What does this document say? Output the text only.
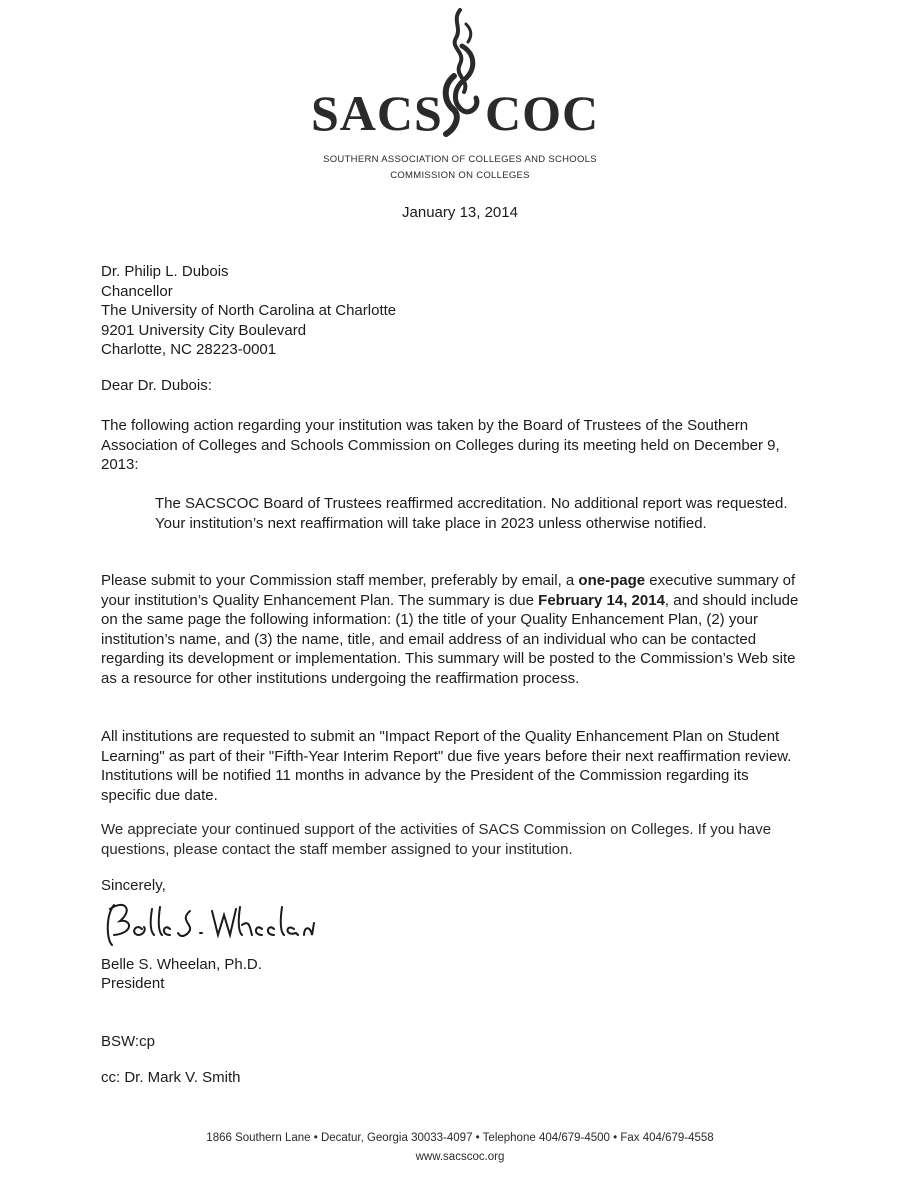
SACS COC
SOUTHERN ASSOCIATION OF COLLEGES AND SCHOOLS
COMMISSION ON COLLEGES
January 13, 2014
Dr. Philip L. Dubois
Chancellor
The University of North Carolina at Charlotte
9201 University City Boulevard
Charlotte, NC 28223-0001
Dear Dr. Dubois:
The following action regarding your institution was taken by the Board of Trustees of the Southern Association of Colleges and Schools Commission on Colleges during its meeting held on December 9, 2013:
The SACSCOC Board of Trustees reaffirmed accreditation. No additional report was requested. Your institution’s next reaffirmation will take place in 2023 unless otherwise notified.
Please submit to your Commission staff member, preferably by email, a one-page executive summary of your institution’s Quality Enhancement Plan. The summary is due February 14, 2014, and should include on the same page the following information: (1) the title of your Quality Enhancement Plan, (2) your institution’s name, and (3) the name, title, and email address of an individual who can be contacted regarding its development or implementation. This summary will be posted to the Commission’s Web site as a resource for other institutions undergoing the reaffirmation process.
All institutions are requested to submit an "Impact Report of the Quality Enhancement Plan on Student Learning" as part of their "Fifth-Year Interim Report" due five years before their next reaffirmation review. Institutions will be notified 11 months in advance by the President of the Commission regarding its specific due date.
We appreciate your continued support of the activities of SACS Commission on Colleges. If you have questions, please contact the staff member assigned to your institution.
Sincerely,
Belle S. Wheelan, Ph.D.
President
BSW:cp
cc: Dr. Mark V. Smith
1866 Southern Lane • Decatur, Georgia 30033-4097 • Telephone 404/679-4500 • Fax 404/679-4558
www.sacscoc.org
